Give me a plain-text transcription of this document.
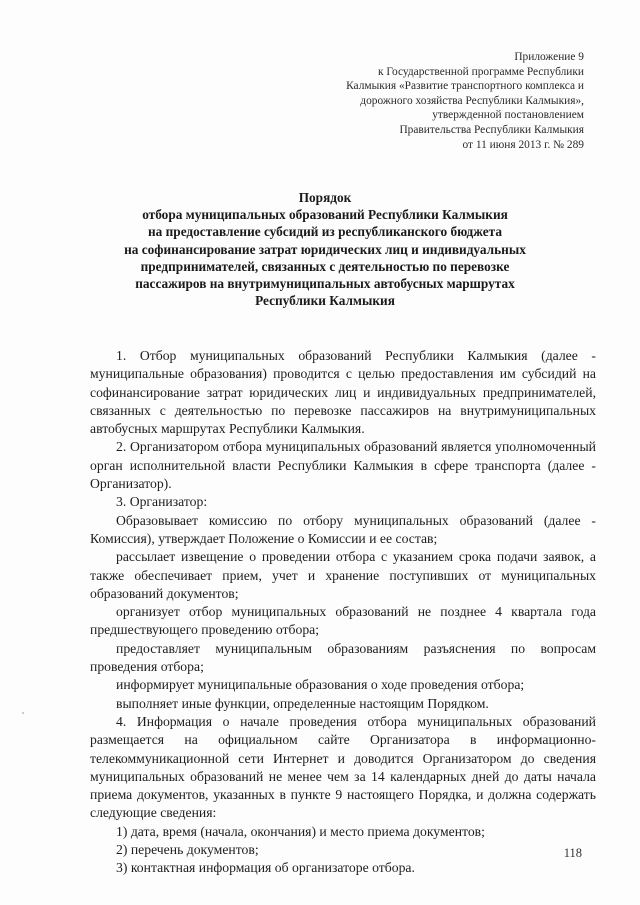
Приложение 9
к Государственной программе Республики
Калмыкия «Развитие транспортного комплекса и
дорожного хозяйства Республики Калмыкия»,
утвержденной постановлением
Правительства Республики Калмыкия
от 11 июня 2013 г. № 289
Порядок
отбора муниципальных образований Республики Калмыкия
на предоставление субсидий из республиканского бюджета
на софинансирование затрат юридических лиц и индивидуальных
предпринимателей, связанных с деятельностью по перевозке
пассажиров на внутримуниципальных автобусных маршрутах
Республики Калмыкия

1. Отбор муниципальных образований Республики Калмыкия (далее - муниципальные образования) проводится с целью предоставления им субсидий на софинансирование затрат юридических лиц и индивидуальных предпринимателей, связанных с деятельностью по перевозке пассажиров на внутримуниципальных автобусных маршрутах Республики Калмыкия.

2. Организатором отбора муниципальных образований является уполномоченный орган исполнительной власти Республики Калмыкия в сфере транспорта (далее - Организатор).

3. Организатор:

Образовывает комиссию по отбору муниципальных образований (далее - Комиссия), утверждает Положение о Комиссии и ее состав;

рассылает извещение о проведении отбора с указанием срока подачи заявок, а также обеспечивает прием, учет и хранение поступивших от муниципальных образований документов;

организует отбор муниципальных образований не позднее 4 квартала года предшествующего проведению отбора;

предоставляет муниципальным образованиям разъяснения по вопросам проведения отбора;

информирует муниципальные образования о ходе проведения отбора;

выполняет иные функции, определенные настоящим Порядком.

4. Информация о начале проведения отбора муниципальных образований размещается на официальном сайте Организатора в информационно-телекоммуникационной сети Интернет и доводится Организатором до сведения муниципальных образований не менее чем за 14 календарных дней до даты начала приема документов, указанных в пункте 9 настоящего Порядка, и должна содержать следующие сведения:

1) дата, время (начала, окончания) и место приема документов;

2) перечень документов;

3) контактная информация об организаторе отбора.

118
